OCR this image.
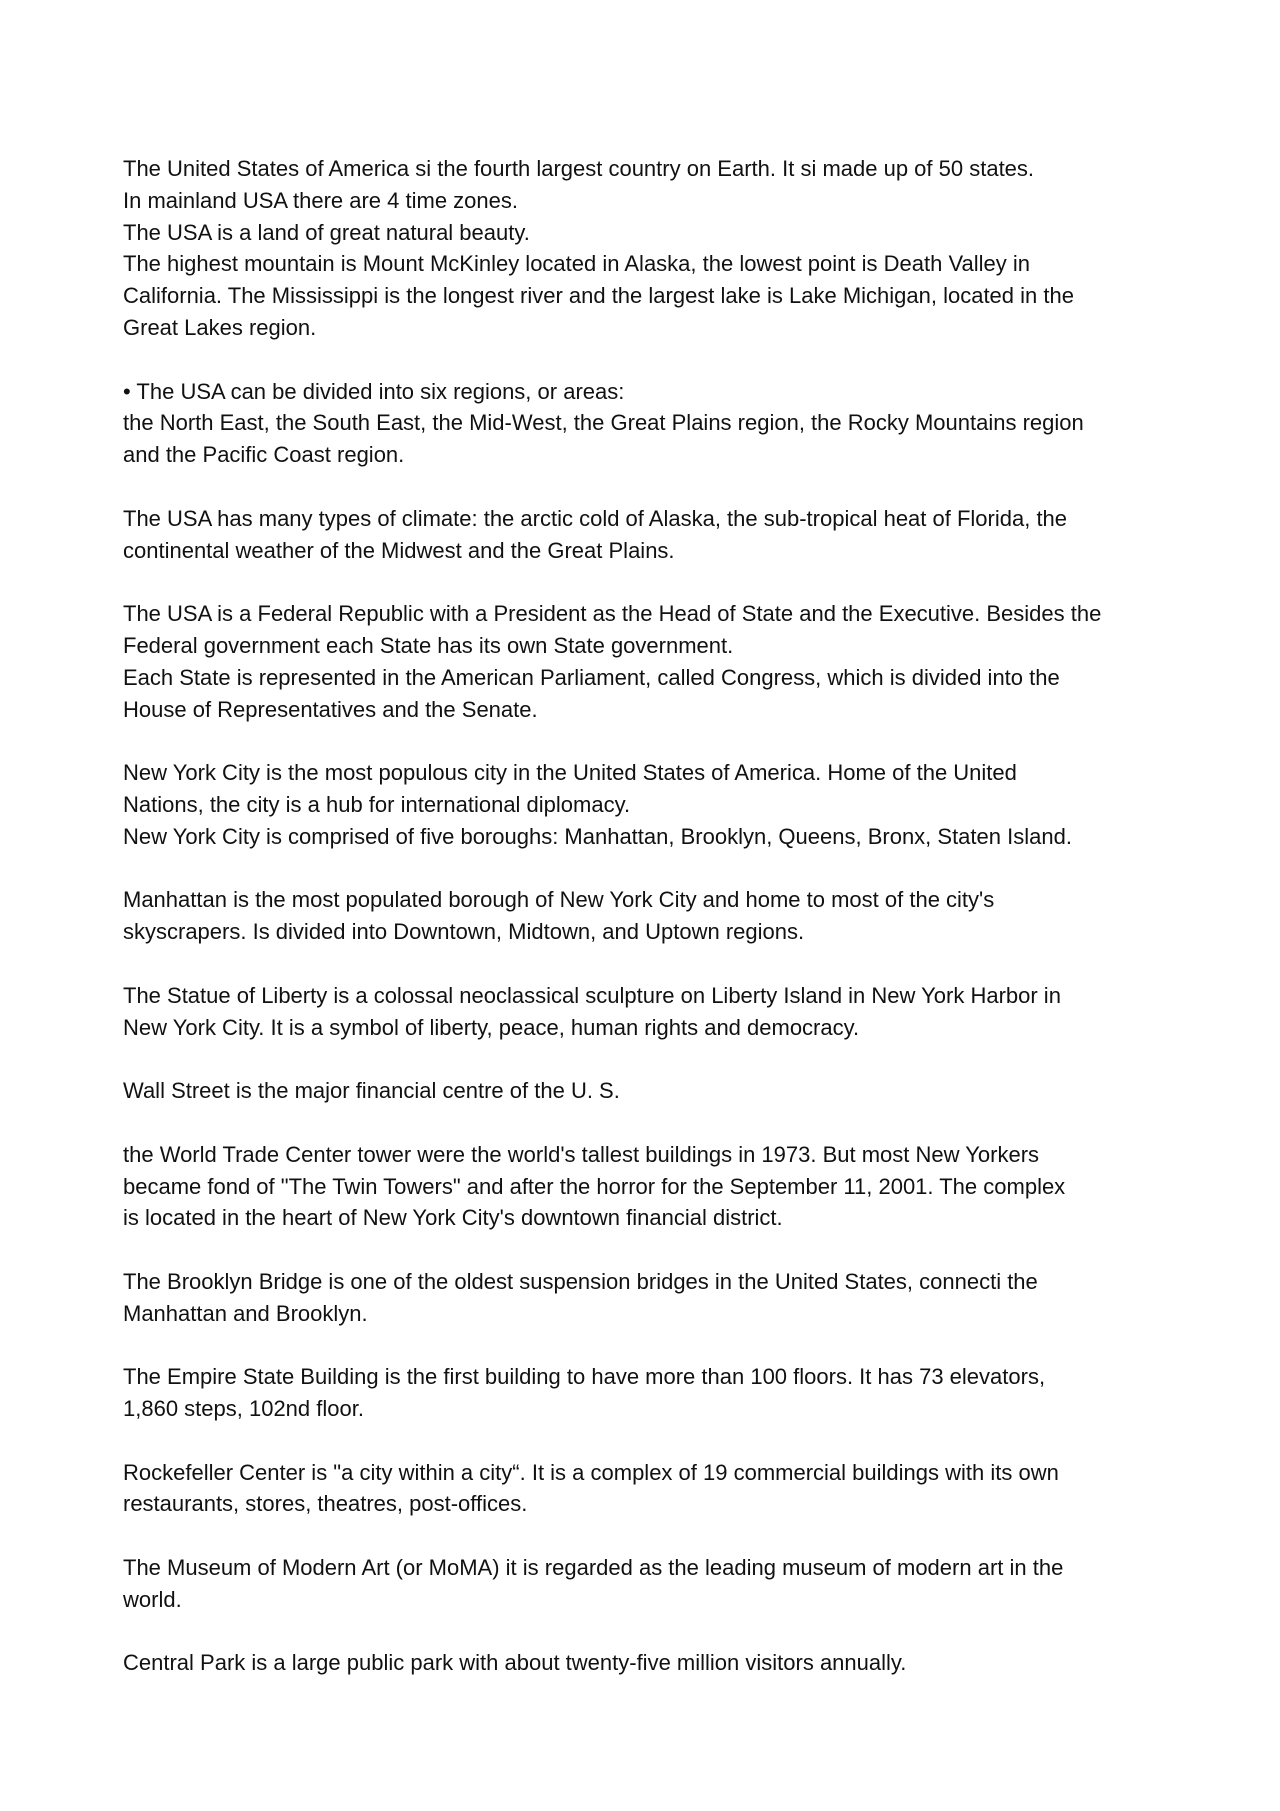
The United States of America si the fourth largest country on Earth. It si made up of 50 states.
In mainland USA there are 4 time zones.
The USA is a land of great natural beauty.
The highest mountain is Mount McKinley located in Alaska, the lowest point is Death Valley in
California. The Mississippi is the longest river and the largest lake is Lake Michigan, located in the
Great Lakes region.

• The USA can be divided into six regions, or areas:
the North East, the South East, the Mid-West, the Great Plains region, the Rocky Mountains region
and the Pacific Coast region.

The USA has many types of climate: the arctic cold of Alaska, the sub-tropical heat of Florida, the
continental weather of the Midwest and the Great Plains.

The USA is a Federal Republic with a President as the Head of State and the Executive. Besides the
Federal government each State has its own State government.
Each State is represented in the American Parliament, called Congress, which is divided into the
House of Representatives and the Senate.

New York City is the most populous city in the United States of America. Home of the United
Nations, the city is a hub for international diplomacy.
New York City is comprised of five boroughs: Manhattan, Brooklyn, Queens, Bronx, Staten Island.

Manhattan is the most populated borough of New York City and home to most of the city's
skyscrapers. Is divided into Downtown, Midtown, and Uptown regions.

The Statue of Liberty is a colossal neoclassical sculpture on Liberty Island in New York Harbor in
New York City. It is a symbol of liberty, peace, human rights and democracy.

Wall Street is the major financial centre of the U. S.

the World Trade Center tower were the world's tallest buildings in 1973. But most New Yorkers
became fond of "The Twin Towers" and after the horror for the September 11, 2001. The complex
is located in the heart of New York City's downtown financial district.

The Brooklyn Bridge is one of the oldest suspension bridges in the United States, connecti the
Manhattan and Brooklyn.

The Empire State Building is the first building to have more than 100 floors. It has 73 elevators,
1,860 steps, 102nd floor.

Rockefeller Center is "a city within a city“. It is a complex of 19 commercial buildings with its own
restaurants, stores, theatres, post-offices.

The Museum of Modern Art (or MoMA) it is regarded as the leading museum of modern art in the
world.

Central Park is a large public park with about twenty-five million visitors annually.
